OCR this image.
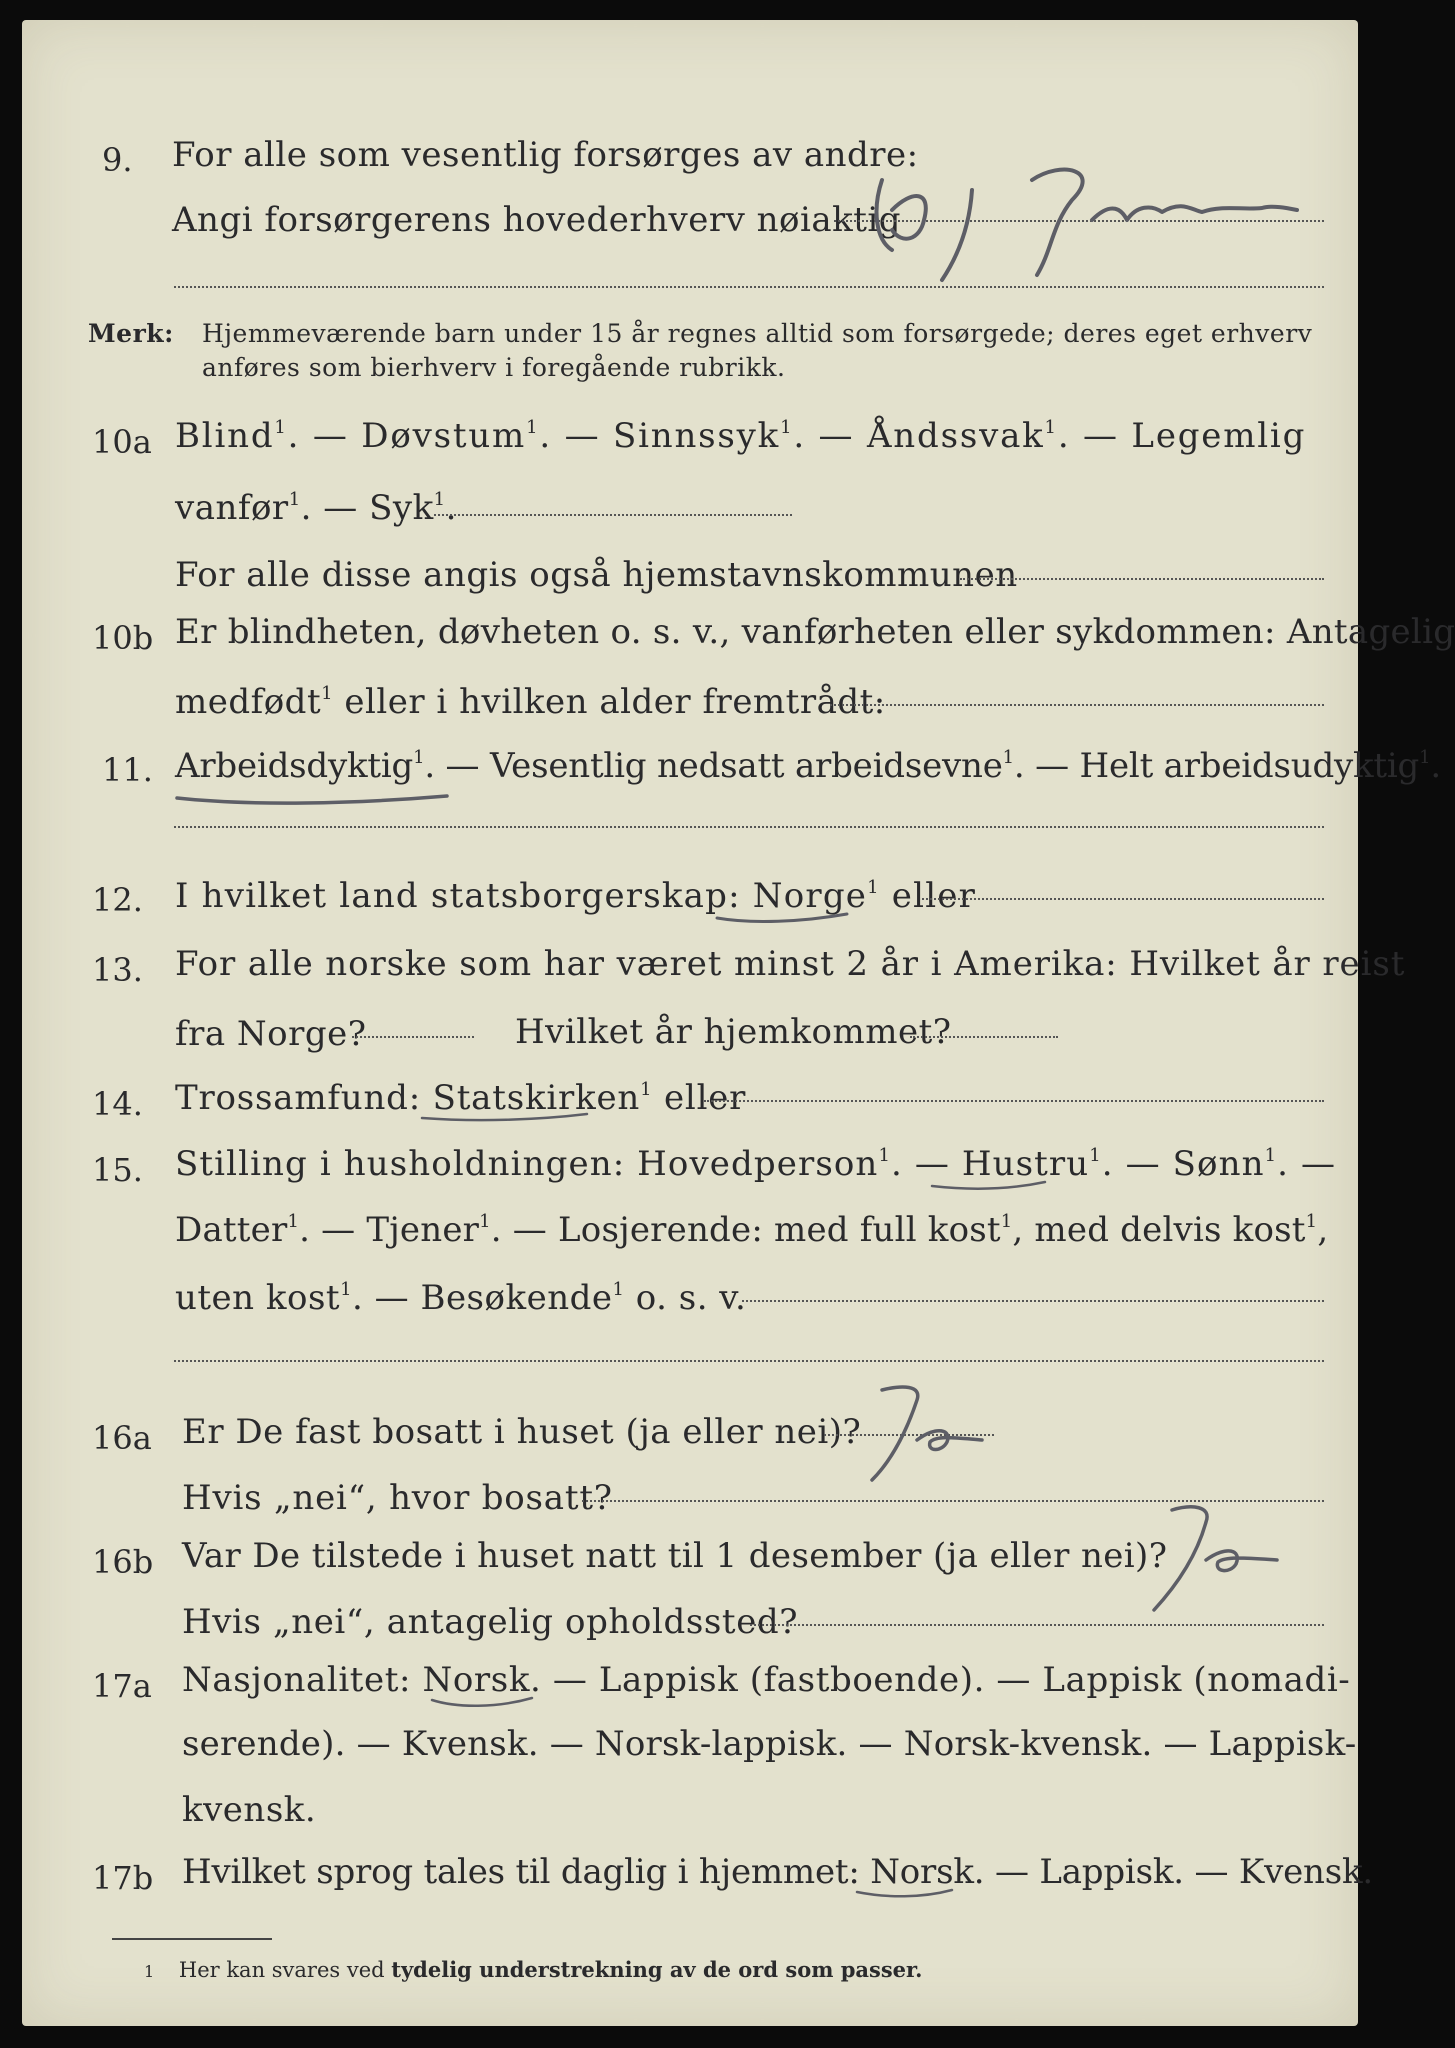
9. For alle som vesentlig forsørges av andre:
Angi forsørgerens hovederhverv nøiaktig
Merk: Hjemmeværende barn under 15 år regnes alltid som forsørgede; deres eget erhverv
anføres som bierhverv i foregående rubrikk.
10a Blind$^1$. — Døvstum$^1$. — Sinnssyk$^1$. — Åndssvak$^1$. — Legemlig
vanfør$^1$. — Syk$^1$.
For alle disse angis også hjemstavnskommunen
10b Er blindheten, døvheten o. s. v., vanførheten eller sykdommen: Antagelig
medfødt$^1$ eller i hvilken alder fremtrådt:
11. Arbeidsdyktig$^1$. — Vesentlig nedsatt arbeidsevne$^1$. — Helt arbeidsudyktig$^1$.
12. I hvilket land statsborgerskap: Norge$^1$ eller
13. For alle norske som har været minst 2 år i Amerika: Hvilket år reist
fra Norge?	Hvilket år hjemkommet?
14. Trossamfund: Statskirken$^1$ eller
15. Stilling i husholdningen: Hovedperson$^1$. — Hustru$^1$. — Sønn$^1$. —
Datter$^1$. — Tjener$^1$. — Losjerende: med full kost$^1$, med delvis kost$^1$,
uten kost$^1$. — Besøkende$^1$ o. s. v.
16a Er De fast bosatt i huset (ja eller nei)?
Hvis „nei“, hvor bosatt?
16b Var De tilstede i huset natt til 1 desember (ja eller nei)?
Hvis „nei“, antagelig opholdssted?
17a Nasjonalitet: Norsk. — Lappisk (fastboende). — Lappisk (nomadi-
serende). — Kvensk. — Norsk-lappisk. — Norsk-kvensk. — Lappisk-
kvensk.
17b Hvilket sprog tales til daglig i hjemmet: Norsk. — Lappisk. — Kvensk.
1 Her kan svares ved tydelig understrekning av de ord som passer.
